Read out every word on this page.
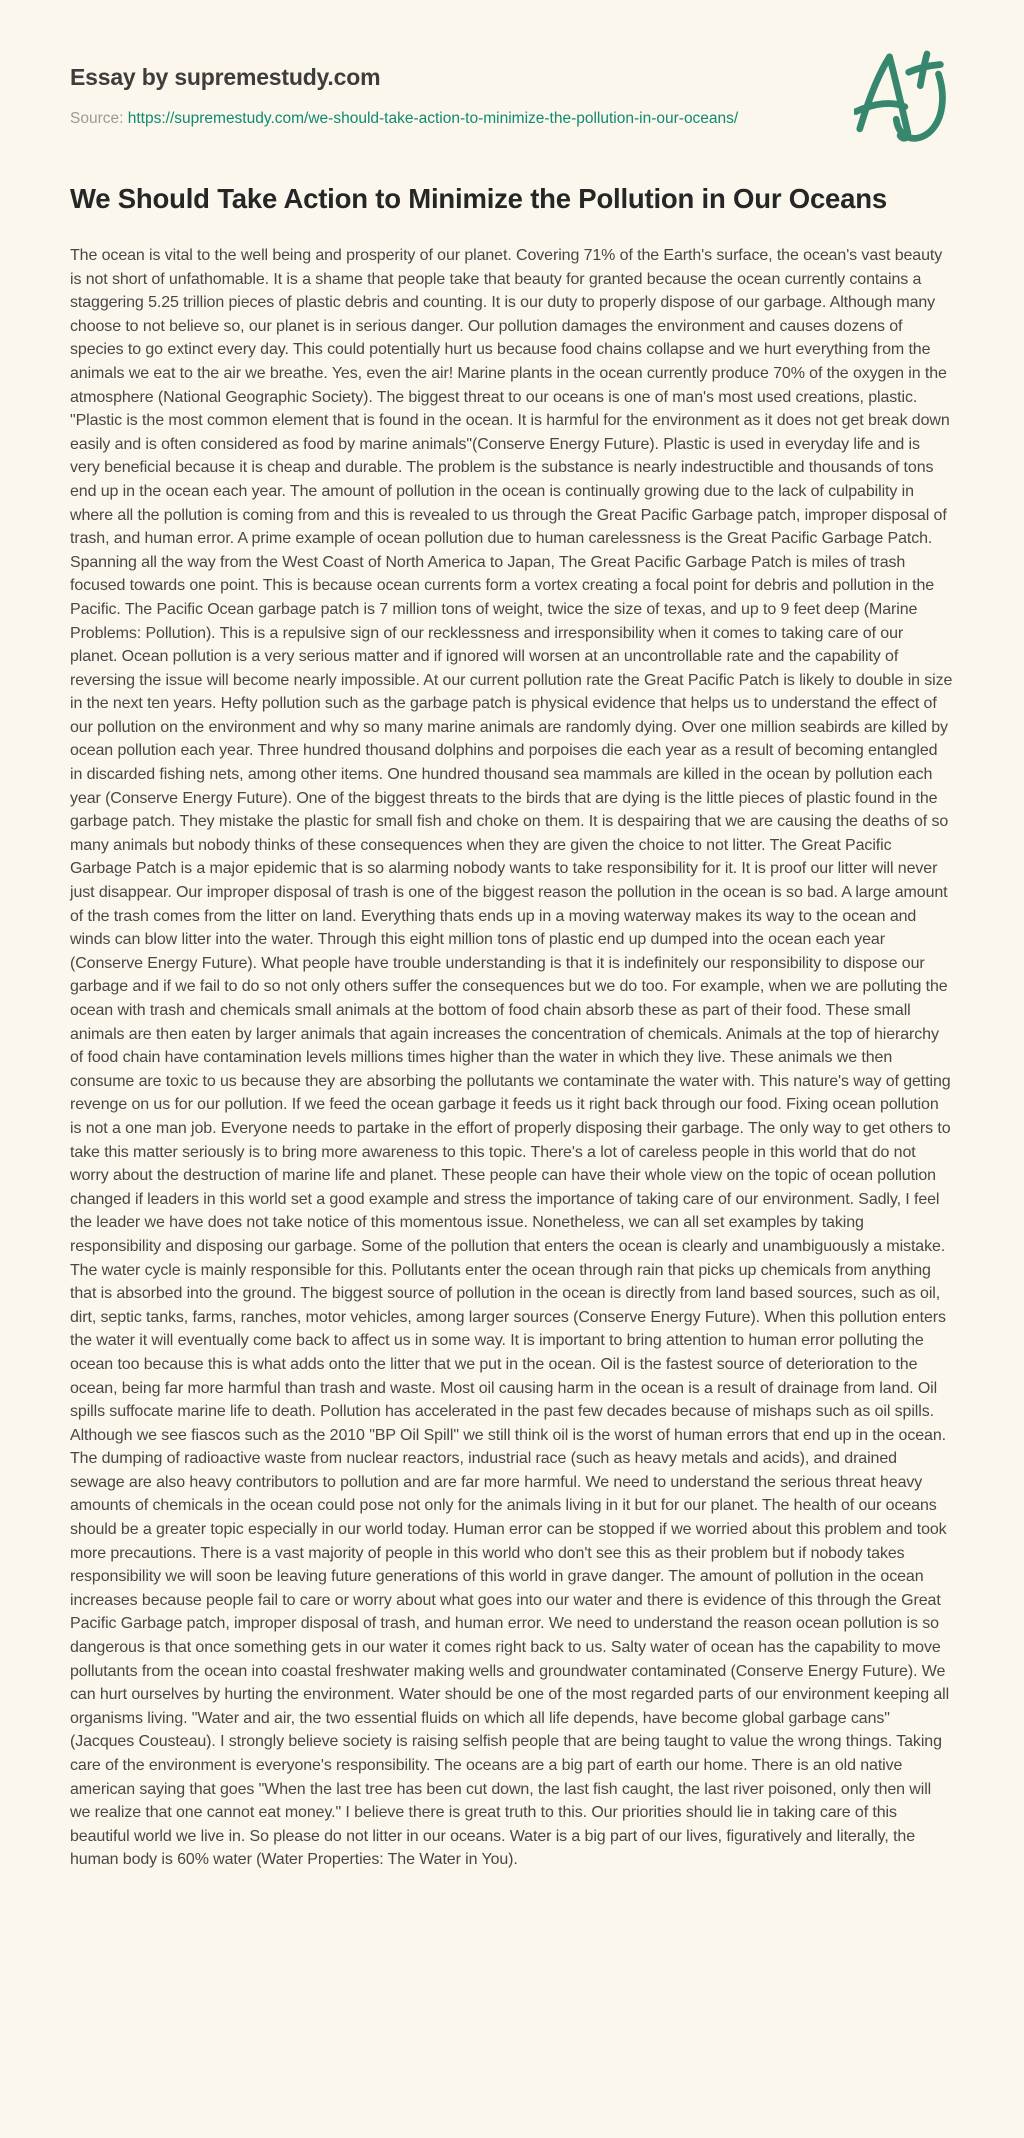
Essay by supremestudy.com

Source: https://supremestudy.com/we-should-take-action-to-minimize-the-pollution-in-our-oceans/

We Should Take Action to Minimize the Pollution in Our Oceans

The ocean is vital to the well being and prosperity of our planet. Covering 71% of the Earth's surface, the ocean's vast beauty is not short of unfathomable. It is a shame that people take that beauty for granted because the ocean currently contains a staggering 5.25 trillion pieces of plastic debris and counting. It is our duty to properly dispose of our garbage. Although many choose to not believe so, our planet is in serious danger. Our pollution damages the environment and causes dozens of species to go extinct every day. This could potentially hurt us because food chains collapse and we hurt everything from the animals we eat to the air we breathe. Yes, even the air! Marine plants in the ocean currently produce 70% of the oxygen in the atmosphere (National Geographic Society). The biggest threat to our oceans is one of man's most used creations, plastic. "Plastic is the most common element that is found in the ocean. It is harmful for the environment as it does not get break down easily and is often considered as food by marine animals"(Conserve Energy Future). Plastic is used in everyday life and is very beneficial because it is cheap and durable. The problem is the substance is nearly indestructible and thousands of tons end up in the ocean each year. The amount of pollution in the ocean is continually growing due to the lack of culpability in where all the pollution is coming from and this is revealed to us through the Great Pacific Garbage patch, improper disposal of trash, and human error. A prime example of ocean pollution due to human carelessness is the Great Pacific Garbage Patch. Spanning all the way from the West Coast of North America to Japan, The Great Pacific Garbage Patch is miles of trash focused towards one point. This is because ocean currents form a vortex creating a focal point for debris and pollution in the Pacific. The Pacific Ocean garbage patch is 7 million tons of weight, twice the size of texas, and up to 9 feet deep (Marine Problems: Pollution). This is a repulsive sign of our recklessness and irresponsibility when it comes to taking care of our planet. Ocean pollution is a very serious matter and if ignored will worsen at an uncontrollable rate and the capability of reversing the issue will become nearly impossible. At our current pollution rate the Great Pacific Patch is likely to double in size in the next ten years. Hefty pollution such as the garbage patch is physical evidence that helps us to understand the effect of our pollution on the environment and why so many marine animals are randomly dying. Over one million seabirds are killed by ocean pollution each year. Three hundred thousand dolphins and porpoises die each year as a result of becoming entangled in discarded fishing nets, among other items. One hundred thousand sea mammals are killed in the ocean by pollution each year (Conserve Energy Future). One of the biggest threats to the birds that are dying is the little pieces of plastic found in the garbage patch. They mistake the plastic for small fish and choke on them. It is despairing that we are causing the deaths of so many animals but nobody thinks of these consequences when they are given the choice to not litter. The Great Pacific Garbage Patch is a major epidemic that is so alarming nobody wants to take responsibility for it. It is proof our litter will never just disappear. Our improper disposal of trash is one of the biggest reason the pollution in the ocean is so bad. A large amount of the trash comes from the litter on land. Everything thats ends up in a moving waterway makes its way to the ocean and winds can blow litter into the water. Through this eight million tons of plastic end up dumped into the ocean each year (Conserve Energy Future). What people have trouble understanding is that it is indefinitely our responsibility to dispose our garbage and if we fail to do so not only others suffer the consequences but we do too. For example, when we are polluting the ocean with trash and chemicals small animals at the bottom of food chain absorb these as part of their food. These small animals are then eaten by larger animals that again increases the concentration of chemicals. Animals at the top of hierarchy of food chain have contamination levels millions times higher than the water in which they live. These animals we then consume are toxic to us because they are absorbing the pollutants we contaminate the water with. This nature's way of getting revenge on us for our pollution. If we feed the ocean garbage it feeds us it right back through our food. Fixing ocean pollution is not a one man job. Everyone needs to partake in the effort of properly disposing their garbage. The only way to get others to take this matter seriously is to bring more awareness to this topic. There's a lot of careless people in this world that do not worry about the destruction of marine life and planet. These people can have their whole view on the topic of ocean pollution changed if leaders in this world set a good example and stress the importance of taking care of our environment. Sadly, I feel the leader we have does not take notice of this momentous issue. Nonetheless, we can all set examples by taking responsibility and disposing our garbage. Some of the pollution that enters the ocean is clearly and unambiguously a mistake. The water cycle is mainly responsible for this. Pollutants enter the ocean through rain that picks up chemicals from anything that is absorbed into the ground. The biggest source of pollution in the ocean is directly from land based sources, such as oil, dirt, septic tanks, farms, ranches, motor vehicles, among larger sources (Conserve Energy Future). When this pollution enters the water it will eventually come back to affect us in some way. It is important to bring attention to human error polluting the ocean too because this is what adds onto the litter that we put in the ocean. Oil is the fastest source of deterioration to the ocean, being far more harmful than trash and waste. Most oil causing harm in the ocean is a result of drainage from land. Oil spills suffocate marine life to death. Pollution has accelerated in the past few decades because of mishaps such as oil spills. Although we see fiascos such as the 2010 "BP Oil Spill" we still think oil is the worst of human errors that end up in the ocean. The dumping of radioactive waste from nuclear reactors, industrial race (such as heavy metals and acids), and drained sewage are also heavy contributors to pollution and are far more harmful. We need to understand the serious threat heavy amounts of chemicals in the ocean could pose not only for the animals living in it but for our planet. The health of our oceans should be a greater topic especially in our world today. Human error can be stopped if we worried about this problem and took more precautions. There is a vast majority of people in this world who don't see this as their problem but if nobody takes responsibility we will soon be leaving future generations of this world in grave danger. The amount of pollution in the ocean increases because people fail to care or worry about what goes into our water and there is evidence of this through the Great Pacific Garbage patch, improper disposal of trash, and human error. We need to understand the reason ocean pollution is so dangerous is that once something gets in our water it comes right back to us. Salty water of ocean has the capability to move pollutants from the ocean into coastal freshwater making wells and groundwater contaminated (Conserve Energy Future). We can hurt ourselves by hurting the environment. Water should be one of the most regarded parts of our environment keeping all organisms living. "Water and air, the two essential fluids on which all life depends, have become global garbage cans" (Jacques Cousteau). I strongly believe society is raising selfish people that are being taught to value the wrong things. Taking care of the environment is everyone's responsibility. The oceans are a big part of earth our home. There is an old native american saying that goes "When the last tree has been cut down, the last fish caught, the last river poisoned, only then will we realize that one cannot eat money." I believe there is great truth to this. Our priorities should lie in taking care of this beautiful world we live in. So please do not litter in our oceans. Water is a big part of our lives, figuratively and literally, the human body is 60% water (Water Properties: The Water in You).
